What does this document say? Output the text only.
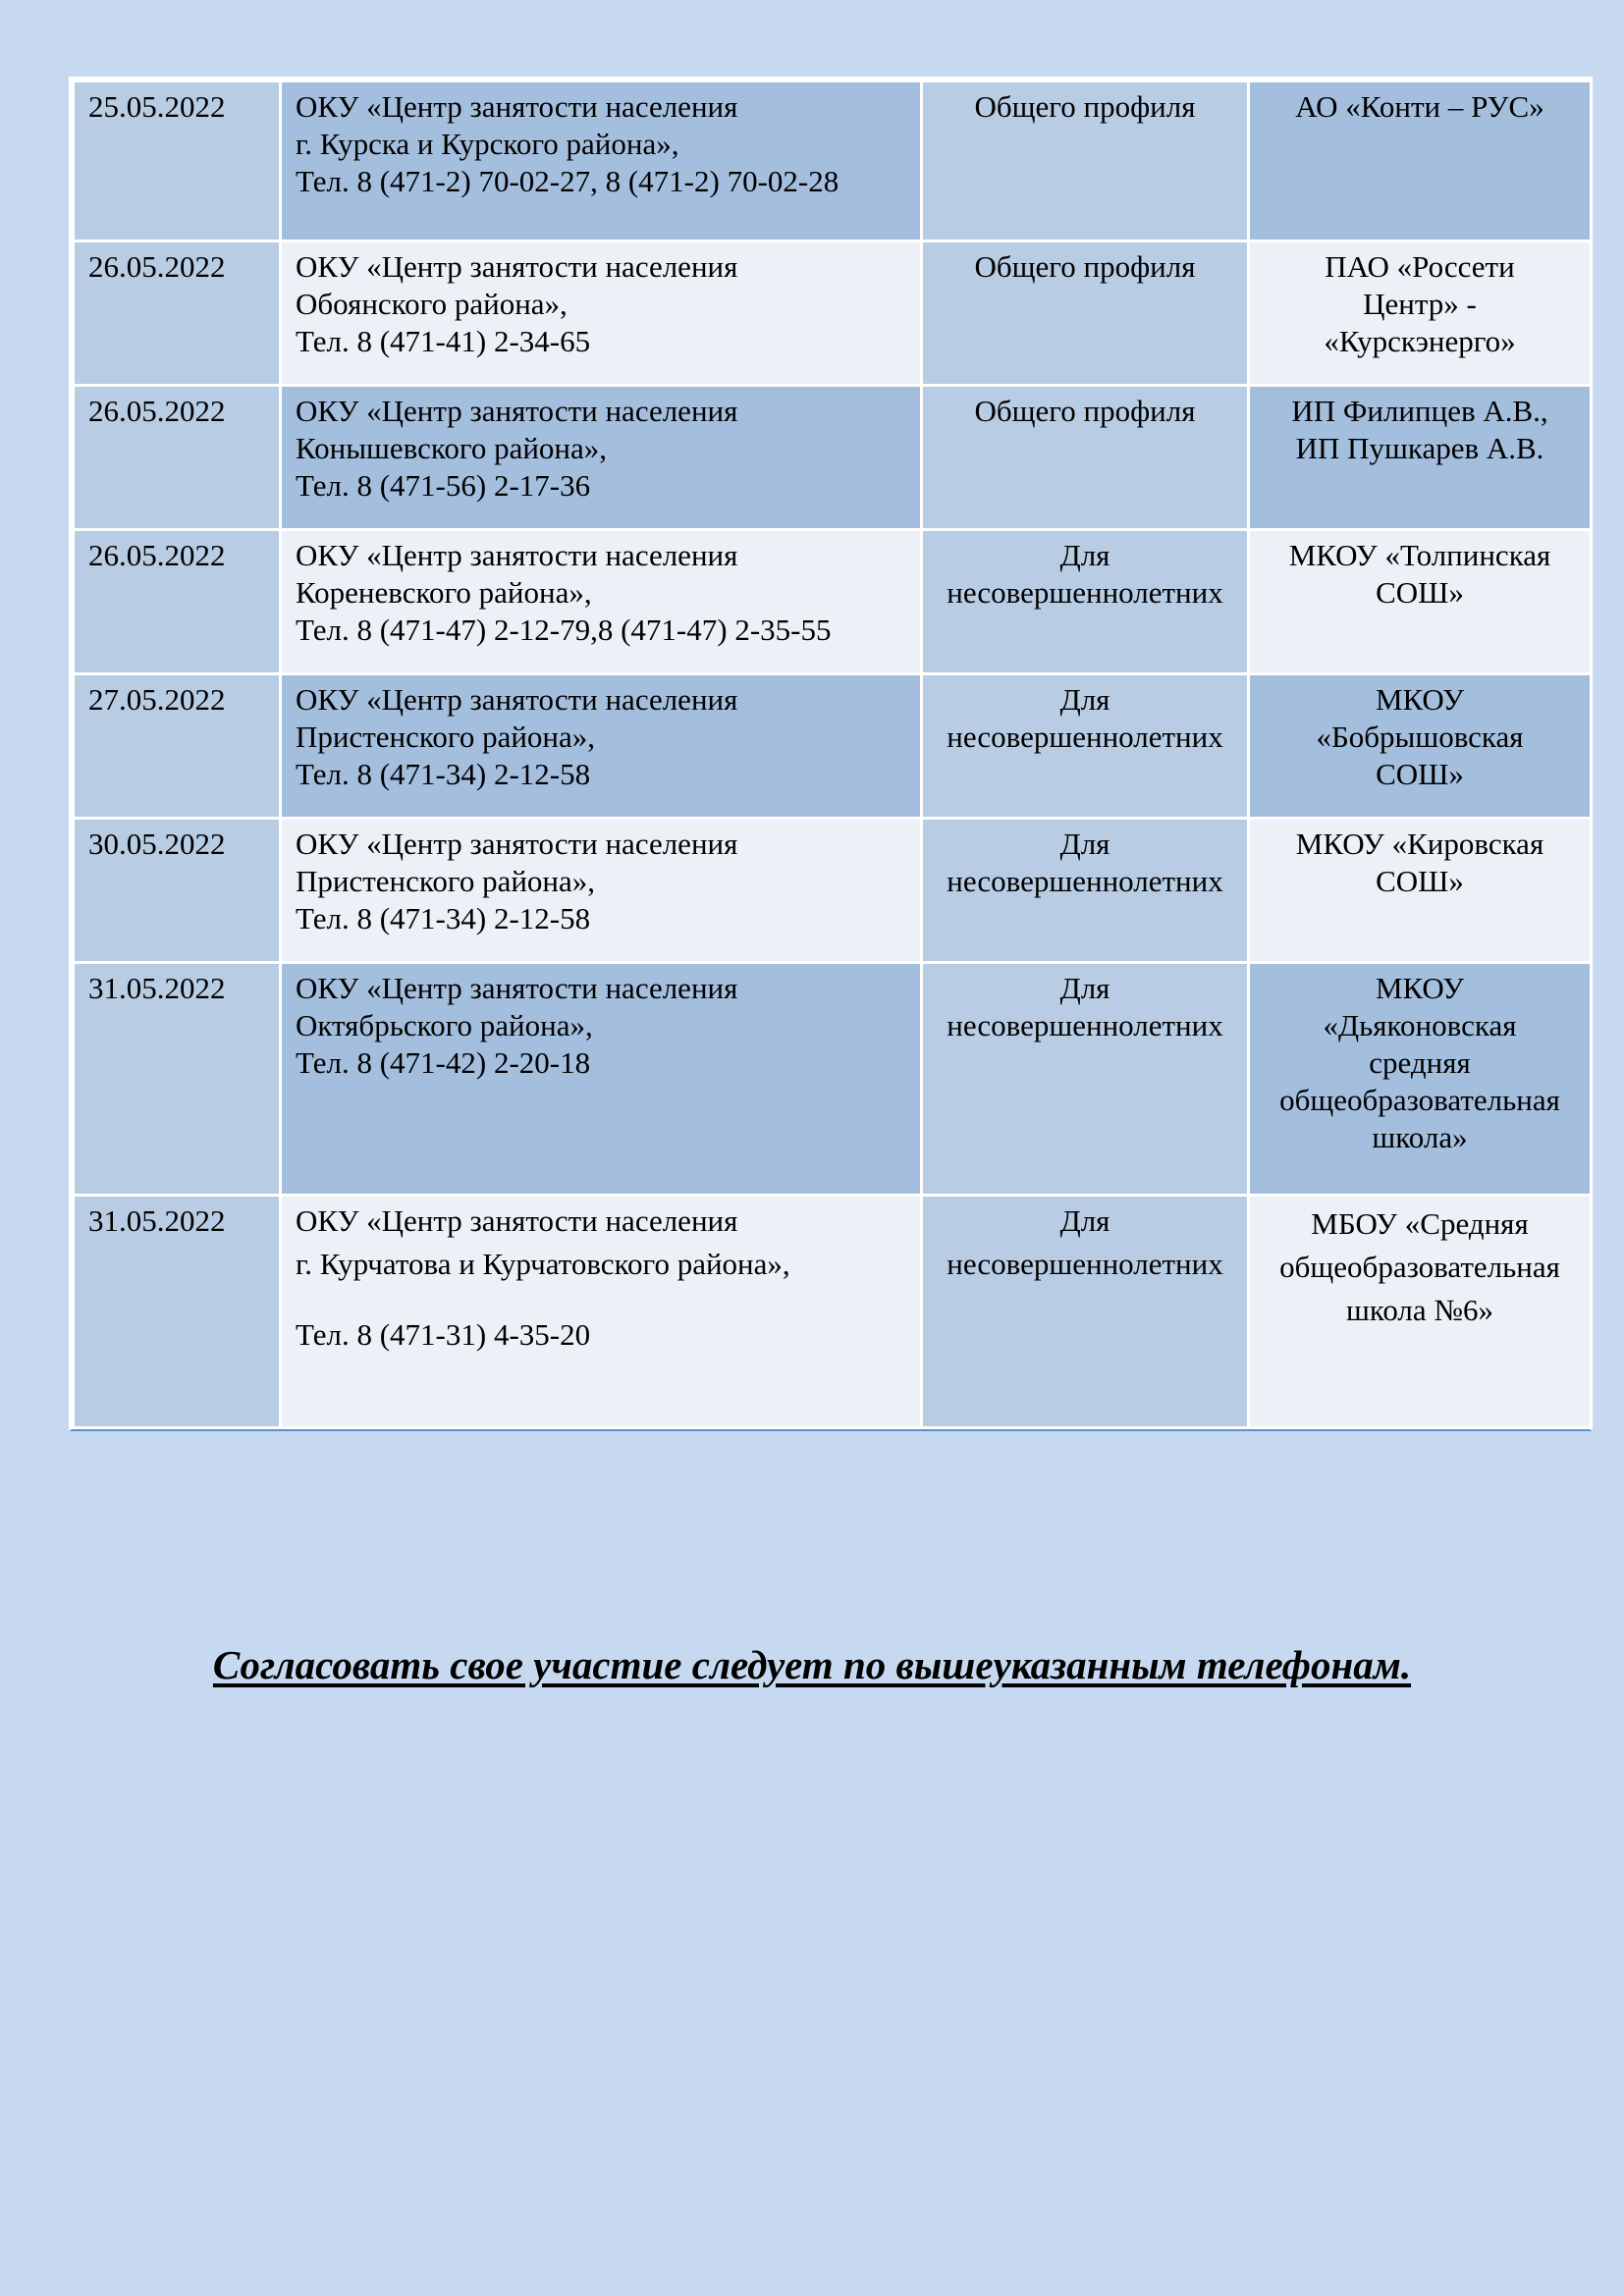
25.05.2022	ОКУ «Центр занятости населения
г. Курска и Курского района»,
Тел. 8 (471-2) 70-02-27, 8 (471-2) 70-02-28	Общего профиля	АО «Конти – РУС»

26.05.2022	ОКУ «Центр занятости населения
Обоянского района»,
Тел. 8 (471-41) 2-34-65	Общего профиля	ПАО «Россети
Центр» -
«Курскэнерго»

26.05.2022	ОКУ «Центр занятости населения
Конышевского района»,
Тел. 8 (471-56) 2-17-36	Общего профиля	ИП Филипцев А.В.,
ИП Пушкарев А.В.

26.05.2022	ОКУ «Центр занятости населения
Кореневского района»,
Тел. 8 (471-47) 2-12-79,8 (471-47) 2-35-55	Для
несовершеннолетних	МКОУ «Толпинская
СОШ»

27.05.2022	ОКУ «Центр занятости населения
Пристенского района»,
Тел. 8 (471-34) 2-12-58	Для
несовершеннолетних	МКОУ
«Бобрышовская
СОШ»

30.05.2022	ОКУ «Центр занятости населения
Пристенского района»,
Тел. 8 (471-34) 2-12-58	Для
несовершеннолетних	МКОУ «Кировская
СОШ»

31.05.2022	ОКУ «Центр занятости населения
Октябрьского района»,
Тел. 8 (471-42) 2-20-18	Для
несовершеннолетних	МКОУ
«Дьяконовская
средняя
общеобразовательная
школа»

31.05.2022	ОКУ «Центр занятости населения
г. Курчатова и Курчатовского района»,
Тел. 8 (471-31) 4-35-20	Для
несовершеннолетних	МБОУ «Средняя
общеобразовательная
школа №6»
Согласовать свое участие следует по вышеуказанным телефонам.
